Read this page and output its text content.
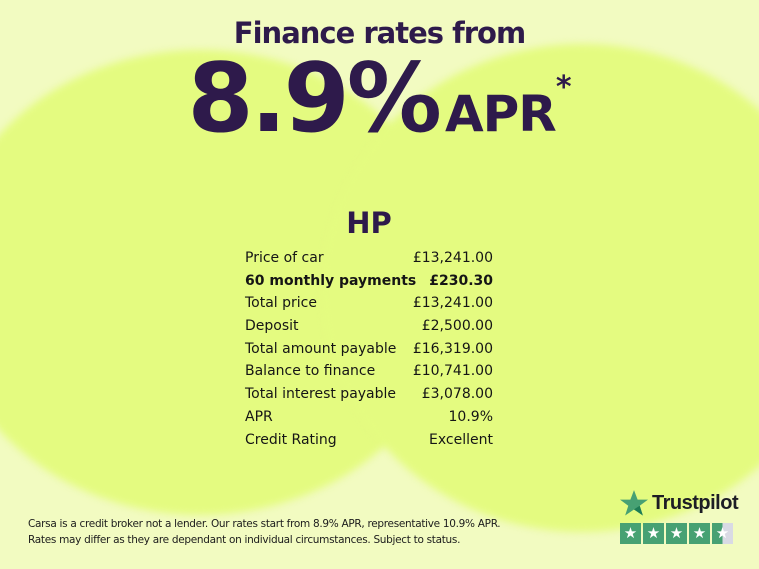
Finance rates from
8.9% APR*
HP
Price of car	£13,241.00
60 monthly payments £230.30
Total price	£13,241.00
Deposit	£2,500.00
Total amount payable £16,319.00
Balance to finance	£10,741.00
Total interest payable £3,078.00
APR	10.9%
Credit Rating	Excellent
Carsa is a credit broker not a lender. Our rates start from 8.9% APR, representative 10.9% APR.
Rates may differ as they are dependant on individual circumstances. Subject to status.
Trustpilot
★ ★ ★ ★ ★
